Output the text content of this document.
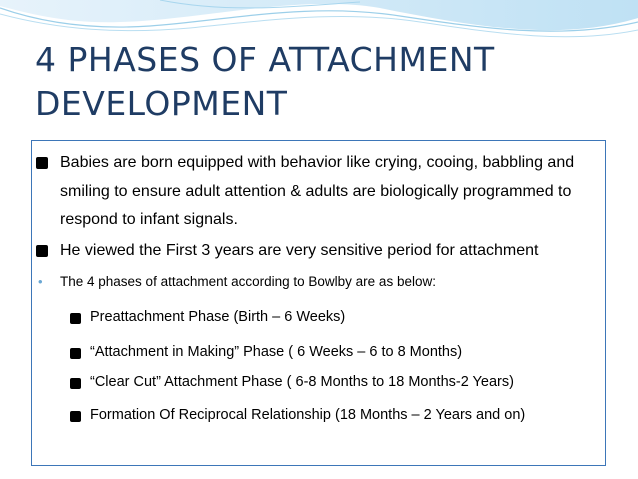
4 PHASES OF ATTACHMENT
DEVELOPMENT
Babies are born equipped with behavior like crying, cooing, babbling and smiling to ensure adult attention & adults are biologically programmed to respond to infant signals.
He viewed the First 3 years are very sensitive period for attachment
• The 4 phases of attachment according to Bowlby are as below:
Preattachment Phase (Birth – 6 Weeks)
“Attachment in Making” Phase ( 6 Weeks – 6 to 8 Months)
“Clear Cut” Attachment Phase ( 6-8 Months to 18 Months-2 Years)
Formation Of Reciprocal Relationship (18 Months – 2 Years and on)
